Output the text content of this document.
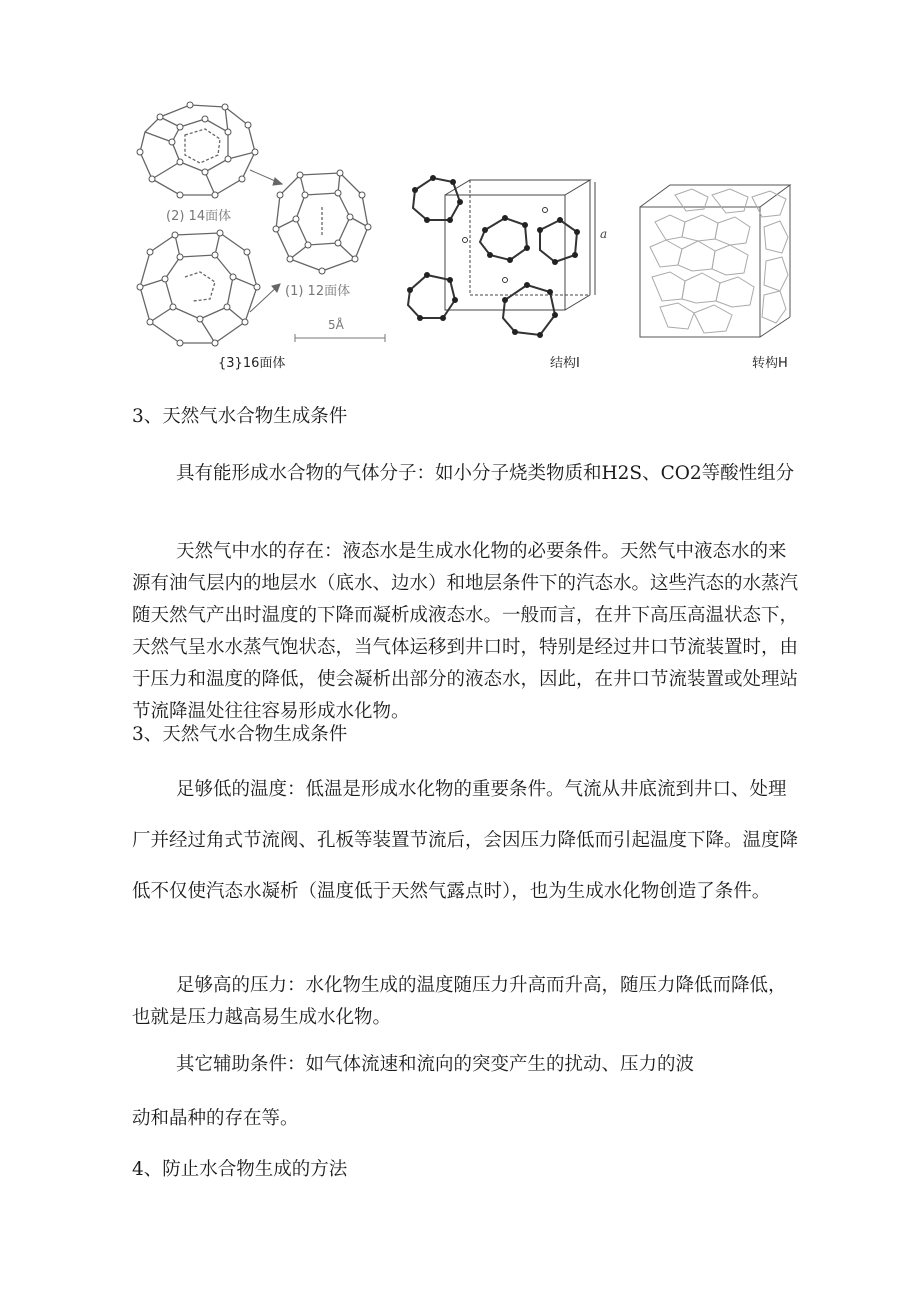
(2) 14面体
(1) 12面体
5Å
a
{3}16面体	结构Ⅰ	转构H

3、天然气水合物生成条件

具有能形成水合物的气体分子：如小分子烧类物质和H2S、CO2等酸性组分

天然气中水的存在：液态水是生成水化物的必要条件。天然气中液态水的来源有油气层内的地层水（底水、边水）和地层条件下的汽态水。这些汽态的水蒸汽随天然气产出时温度的下降而凝析成液态水。一般而言，在井下高压高温状态下，天然气呈水水蒸气饱状态，当气体运移到井口时，特别是经过井口节流装置时，由于压力和温度的降低，使会凝析出部分的液态水，因此，在井口节流装置或处理站节流降温处往往容易形成水化物。

3、天然气水合物生成条件

足够低的温度：低温是形成水化物的重要条件。气流从井底流到井口、处理厂并经过角式节流阀、孔板等装置节流后，会因压力降低而引起温度下降。温度降低不仅使汽态水凝析（温度低于天然气露点时），也为生成水化物创造了条件。

足够高的压力：水化物生成的温度随压力升高而升高，随压力降低而降低，也就是压力越高易生成水化物。

其它辅助条件：如气体流速和流向的突变产生的扰动、压力的波

动和晶种的存在等。

4、防止水合物生成的方法
